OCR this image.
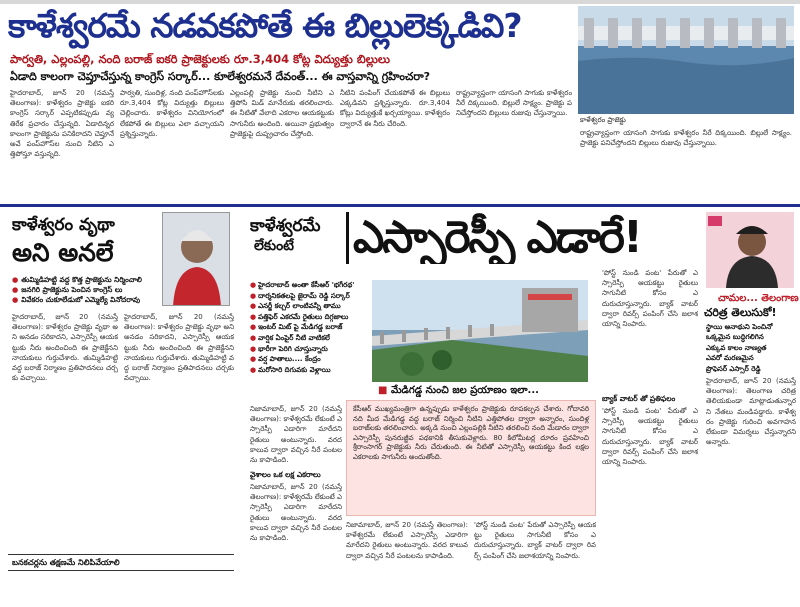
కాళేశ్వరమే నడవకపోతే ఈ బిల్లులెక్కడివి?
పార్వతి, ఎల్లంపల్లి, నంది బరాజ్ ఐకరి ప్రాజెక్టులకు రూ.3,404 కోట్ల విద్యుత్తు బిల్లులు
ఏడాది కాలంగా చెప్తూచేస్తున్న కాంగ్రెస్ సర్కార్... కూలేశ్వరమనే దేవంత్... ఈ వాస్తవాన్ని గ్రహించరా?
హైదరాబాద్, జూన్ 20 (నమస్తే తెలంగాణ): కాళేశ్వరం ప్రాజెక్టు ఐకరి కాంగ్రెస్ సర్కార్ ఎప్పటికప్పుడు వ్యతిరేక ప్రచారం చేస్తున్నది. ఏడాదిన్నర కాలంగా ప్రాజెక్టును పనికిరాదని చెప్తూనే అవే పంప్‌హౌస్‌ల నుంచి నీటిని ఎత్తిపోస్తూ వస్తున్నది.
పార్వతి, సుందిళ్ల, నంది పంప్‌హౌస్‌లకు రూ.3,404 కోట్ల విద్యుత్తు బిల్లులు చెల్లించారు. కాళేశ్వరం వినియోగంలో లేకపోతే ఈ బిల్లులు ఎలా వచ్చాయని ప్రశ్నిస్తున్నారు.
ఎల్లంపల్లి ప్రాజెక్టు నుంచి నీటిని ఎత్తిపోసి మిడ్ మానేరుకు తరలించారు. ఈ నీటితో వేలాది ఎకరాల ఆయకట్టుకు సాగునీరు అందింది. అయినా ప్రభుత్వం ప్రాజెక్టుపై దుష్ప్రచారం చేస్తోంది.
నీటిని పంపింగ్ చేయకపోతే ఈ బిల్లులు ఎక్కడివని ప్రశ్నిస్తున్నారు. రూ.3,404 కోట్లు విద్యుత్తుకే ఖర్చయ్యాయి. కాళేశ్వరం ద్వారానే ఈ నీరు చేరింది.
రాష్ట్రవ్యాప్తంగా యాసంగి సాగుకు కాళేశ్వరం నీరే దిక్కయింది. బిల్లులే సాక్ష్యం. ప్రాజెక్టు పనిచేస్తోందని బిల్లులు రుజువు చేస్తున్నాయి.
కాళేశ్వరం ప్రాజెక్టు
రాష్ట్రవ్యాప్తంగా యాసంగి సాగుకు కాళేశ్వరం నీరే దిక్కయింది. బిల్లులే సాక్ష్యం. ప్రాజెక్టు పనిచేస్తోందని బిల్లులు రుజువు చేస్తున్నాయి.
కాళేశ్వరం వృథా
అని అనలే
● తుమ్మిడిహట్టి వద్ద కొత్త ప్రాజెక్టును నిర్మించాలి
● జనగిరి ప్రాజెక్టును పెంచిన కాంగ్రెస్ లు
● వివేకరం చుకూలేడుబో ఎమ్మెల్యే వినోదరావు
హైదరాబాద్, జూన్ 20 (నమస్తే తెలంగాణ): కాళేశ్వరం ప్రాజెక్టు వృథా అని అనడం సరికాదని, ఎస్సారెస్పీ ఆయకట్టుకు నీరు అందించింది ఈ ప్రాజెక్టేనని నాయకులు గుర్తుచేశారు. తుమ్మిడిహట్టి వద్ద బరాజ్ నిర్మాణం ప్రతిపాదనలు చర్చకు వచ్చాయి.
హైదరాబాద్, జూన్ 20 (నమస్తే తెలంగాణ): కాళేశ్వరం ప్రాజెక్టు వృథా అని అనడం సరికాదని, ఎస్సారెస్పీ ఆయకట్టుకు నీరు అందించింది ఈ ప్రాజెక్టేనని నాయకులు గుర్తుచేశారు. తుమ్మిడిహట్టి వద్ద బరాజ్ నిర్మాణం ప్రతిపాదనలు చర్చకు వచ్చాయి.
బనకచర్లను తక్షణమే నిలిపివేయాలి
కాళేశ్వరమే
లేకుంటే	ఎస్సారెస్పీ ఎడారే!
● హైదరాబాద్ అంతా కేసీఆర్ 'భగీరథ'
● దార్శనికతలపై జైరామ్ రెడ్డి సర్కార్
● ఎనర్జీ కల్చర్ లాంటివన్నీ తాము
● పత్తిఫెర్ ఎకరమే రైతులు దిగ్గజాలు
● ఇంటర్ మిట్ పై మేడిగడ్డ బరాజ్
● వార్షిక ఏంపైర్ నీటి వాటికలే
● భారీగా పెరిగి చూస్తున్నారు
● వర్ష పాతాలు.... కేంద్రం
● మరోసారి దిగువకు వెళ్లాయి
వైశాలం ఒక లక్ష ఎకరాలు
నిజామాబాద్, జూన్ 20 (నమస్తే తెలంగాణ): కాళేశ్వరమే లేకుంటే ఎస్సారెస్పీ ఎడారిగా మారేదని రైతులు అంటున్నారు. వరద కాలువ ద్వారా వచ్చిన నీరే పంటలను కాపాడింది.
నిజామాబాద్, జూన్ 20 (నమస్తే తెలంగాణ): కాళేశ్వరమే లేకుంటే ఎస్సారెస్పీ ఎడారిగా మారేదని రైతులు అంటున్నారు. వరద కాలువ ద్వారా వచ్చిన నీరే పంటలను కాపాడింది.
■ మేడిగడ్డ నుంచి జల ప్రయాణం ఇలా...
కేసీఆర్ ముఖ్యమంత్రిగా ఉన్నప్పుడు కాళేశ్వరం ప్రాజెక్టుకు రూపకల్పన చేశారు. గోదావరి నది మీద మేడిగడ్డ వద్ద బరాజ్ నిర్మించి నీటిని ఎత్తిపోతల ద్వారా అన్నారం, సుందిళ్ల బరాజ్‌లకు తరలించారు. అక్కడి నుంచి ఎల్లంపల్లికి నీటిని తరలించి నంది మేడారం ద్వారా ఎస్సారెస్పీ పునరుజ్జీవ పథకానికి తీసుకువెళ్లారు. 80 కిలోమీటర్ల దూరం ప్రవహించి శ్రీరాంసాగర్ ప్రాజెక్టుకు నీరు చేరుతుంది. ఈ నీటితో ఎస్సారెస్పీ ఆయకట్టు కింద లక్షల ఎకరాలకు సాగునీరు అందుతోంది.
నిజామాబాద్, జూన్ 20 (నమస్తే తెలంగాణ): కాళేశ్వరమే లేకుంటే ఎస్సారెస్పీ ఎడారిగా మారేదని రైతులు అంటున్నారు. వరద కాలువ ద్వారా వచ్చిన నీరే పంటలను కాపాడింది.
'పోస్ట్ నుండి పంట' పేరుతో ఎస్సారెస్పీ ఆయకట్టు రైతులు సాగునీటి కోసం ఎదురుచూస్తున్నారు. బ్యాక్ వాటర్ ద్వారా రివర్స్ పంపింగ్ చేసి జలాశయాన్ని నింపారు.
'పోస్ట్ నుండి పంట' పేరుతో ఎస్సారెస్పీ ఆయకట్టు రైతులు సాగునీటి కోసం ఎదురుచూస్తున్నారు. బ్యాక్ వాటర్ ద్వారా రివర్స్ పంపింగ్ చేసి జలాశయాన్ని నింపారు.
బ్యాక్ వాటర్ తో ప్రతిఫలం
'పోస్ట్ నుండి పంట' పేరుతో ఎస్సారెస్పీ ఆయకట్టు రైతులు సాగునీటి కోసం ఎదురుచూస్తున్నారు. బ్యాక్ వాటర్ ద్వారా రివర్స్ పంపింగ్ చేసి జలాశయాన్ని నింపారు.
చామల... తెలంగాణ
చరిత్ర తెలుసుకో!
స్థాయి అనాథుని పెంచినో
ఒక్కమైన బుద్ధిగలిగిన
ఎక్కువ కాలం నాణ్యత
ఎవరో మరణమైన
ప్రొఫెసర్ ఎస్సార్ రెడ్డి
హైదరాబాద్, జూన్ 20 (నమస్తే తెలంగాణ): తెలంగాణ చరిత్ర తెలియకుండా మాట్లాడుతున్నారని నేతలు మండిపడ్డారు. కాళేశ్వరం ప్రాజెక్టు గురించి అవగాహన లేకుండా విమర్శలు చేస్తున్నారని అన్నారు.
